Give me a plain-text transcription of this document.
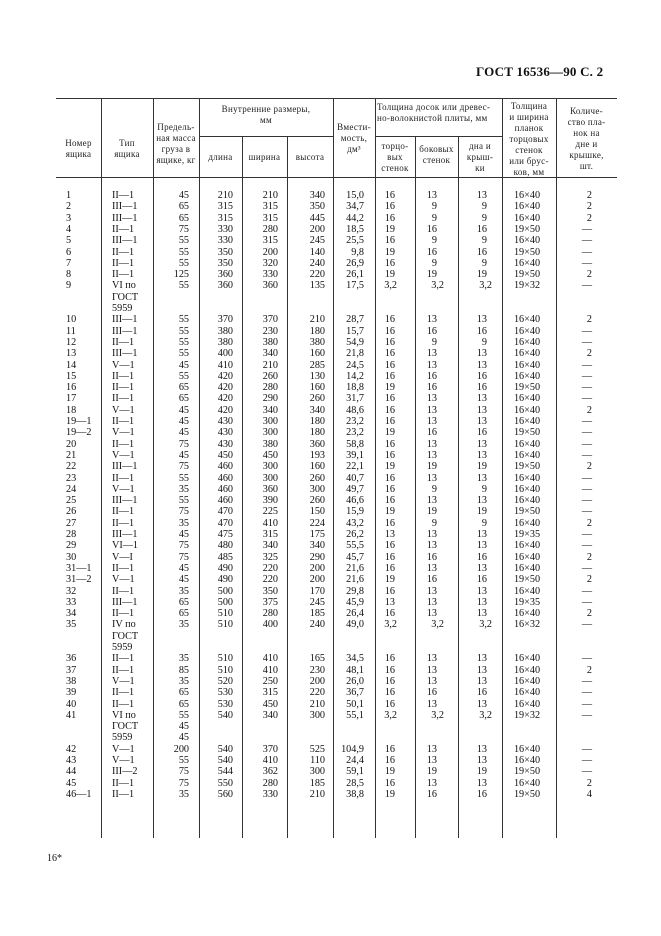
ГОСТ 16536—90 С. 2
Номер
ящика
Тип
ящика
Предель-
ная масса
груза в
ящике, кг
Внутренние размеры,
мм
длина	ширина	высота
Вмести-
мость,
дм³
Толщина досок или древес-
но-волокнистой плиты, мм
торцо-
вых
стенок
боковых
стенок
дна и
крыш-
ки
Толщина
и ширина
планок
торцовых
стенок
или брус-
ков, мм
Количе-
ство пла-
нок на
дне и
крышке,
шт.
1	II—1	45	210	210	340	15,0	16	13	13	16×40	2
2	III—1	65	315	315	350	34,7	16	9	9	16×40	2
3	III—1	65	315	315	445	44,2	16	9	9	16×40	2
4	II—1	75	330	280	200	18,5	19	16	16	19×50	—
5	III—1	55	330	315	245	25,5	16	9	9	16×40	—
6	II—1	55	350	200	140	9,8	19	16	16	19×50	—
7	II—1	55	350	320	240	26,9	16	9	9	16×40	—
8	II—1	125	360	330	220	26,1	19	19	19	19×50	2
9	VI по	55	360	360	135	17,5	3,2	3,2	3,2	19×32	—
ГОСТ
5959
10	III—1	55	370	370	210	28,7	16	13	13	16×40	2
11	III—1	55	380	230	180	15,7	16	16	16	16×40	—
12	II—1	55	380	380	380	54,9	16	9	9	16×40	—
13	III—1	55	400	340	160	21,8	16	13	13	16×40	2
14	V—1	45	410	210	285	24,5	16	13	13	16×40	—
15	II—1	55	420	260	130	14,2	16	16	16	16×40	—
16	II—1	65	420	280	160	18,8	19	16	16	19×50	—
17	II—1	65	420	290	260	31,7	16	13	13	16×40	—
18	V—1	45	420	340	340	48,6	16	13	13	16×40	2
19—1 II—1	45	430	300	180	23,2	16	13	13	16×40	—
19—2 V—1	45	430	300	180	23,2	19	16	16	19×50	—
20	II—1	75	430	380	360	58,8	16	13	13	16×40	—
21	V—1	45	450	450	193	39,1	16	13	13	16×40	—
22	III—1	75	460	300	160	22,1	19	19	19	19×50	2
23	II—1	55	460	300	260	40,7	16	13	13	16×40	—
24	V—1	35	460	360	300	49,7	16	9	9	16×40	—
25	III—1	55	460	390	260	46,6	16	13	13	16×40	—
26	II—1	75	470	225	150	15,9	19	19	19	19×50	—
27	II—1	35	470	410	224	43,2	16	9	9	16×40	2
28	III—1	45	475	315	175	26,2	13	13	13	19×35	—
29	VI—1	75	480	340	340	55,5	16	13	13	16×40	—
30	V—I	75	485	325	290	45,7	16	16	16	16×40	2
31—1 II—1	45	490	220	200	21,6	16	13	13	16×40	—
31—2 V—1	45	490	220	200	21,6	19	16	16	19×50	2
32	II—1	35	500	350	170	29,8	16	13	13	16×40	—
33	III—1	65	500	375	245	45,9	13	13	13	19×35	—
34	II—1	65	510	280	185	26,4	16	13	13	16×40	2
35	IV по	35	510	400	240	49,0	3,2	3,2	3,2	16×32	—
ГОСТ
5959
36	II—1	35	510	410	165	34,5	16	13	13	16×40	—
37	II—1	85	510	410	230	48,1	16	13	13	16×40	2
38	V—1	35	520	250	200	26,0	16	13	13	16×40	—
39	II—1	65	530	315	220	36,7	16	16	16	16×40	—
40	II—1	65	530	450	210	50,1	16	13	13	16×40	—
41	VI по	55	540	340	300	55,1	3,2	3,2	3,2	19×32	—
ГОСТ	45
5959	45
42	V—1	200	540	370	525	104,9	16	13	13	16×40	—
43	V—1	55	540	410	110	24,4	16	13	13	16×40	—
44	III—2	75	544	362	300	59,1	19	19	19	19×50	—
45	II—1	75	550	280	185	28,5	16	13	13	16×40	2
46—1 II—1	35	560	330	210	38,8	19	16	16	19×50	4
16*
